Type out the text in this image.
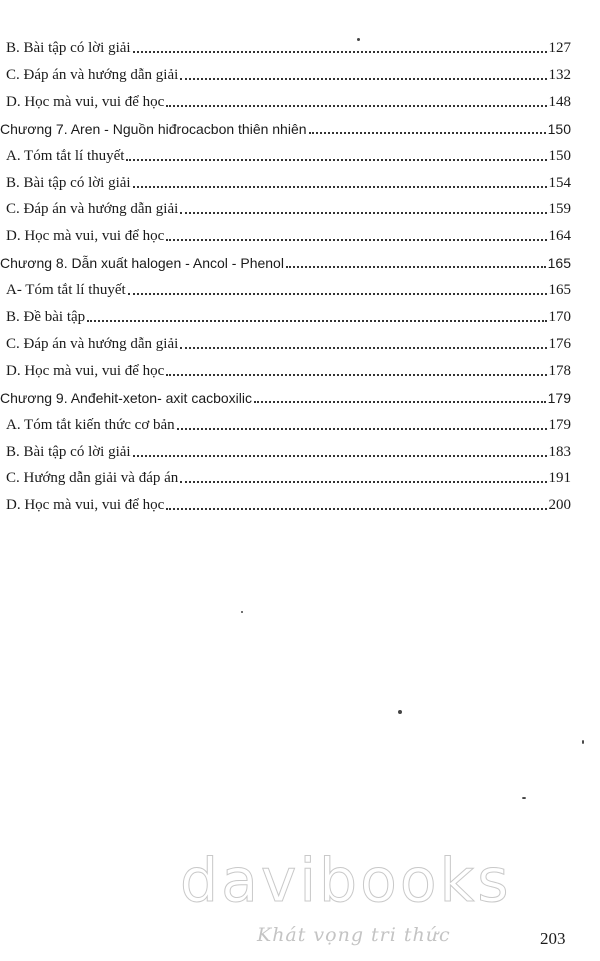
B. Bài tập có lời giải	127
C. Đáp án và hướng dẫn giải	132
D. Học mà vui, vui để học	148
Chương 7. Aren - Nguồn hiđrocacbon thiên nhiên	150
A. Tóm tắt lí thuyết	150
B. Bài tập có lời giải	154
C. Đáp án và hướng dẫn giải	159
D. Học mà vui, vui để học	164
Chương 8. Dẫn xuất halogen - Ancol - Phenol	165
A- Tóm tắt lí thuyết	165
B. Đề bài tập	170
C. Đáp án và hướng dẫn giải	176
D. Học mà vui, vui để học	178
Chương 9. Anđehit-xeton- axit cacboxilic	179
A. Tóm tắt kiến thức cơ bản	179
B. Bài tập có lời giải	183
C. Hướng dẫn giải và đáp án	191
D. Học mà vui, vui để học	200
davibooks
Khát vọng tri thức	203
